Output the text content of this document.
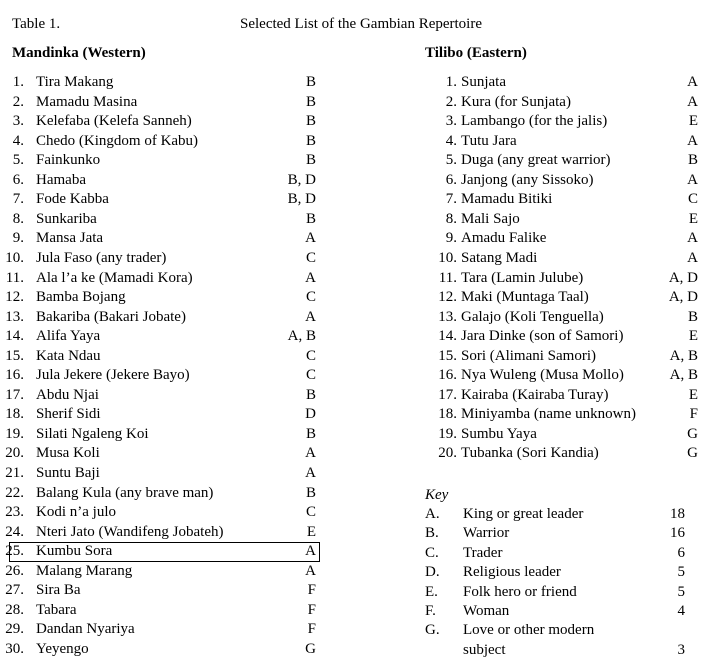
Table 1.	Selected List of the Gambian Repertoire
Mandinka (Western)	Tilibo (Eastern)
1. Tira Makang	B
2. Mamadu Masina	B
3. Kelefaba (Kelefa Sanneh)	B
4. Chedo (Kingdom of Kabu)	B
5. Fainkunko	B
6. Hamaba	B, D
7. Fode Kabba	B, D
8. Sunkariba	B
9. Mansa Jata	A
10. Jula Faso (any trader)	C
11. Ala l’a ke (Mamadi Kora)	A
12. Bamba Bojang	C
13. Bakariba (Bakari Jobate)	A
14. Alifa Yaya	A, B
15. Kata Ndau	C
16. Jula Jekere (Jekere Bayo)	C
17. Abdu Njai	B
18. Sherif Sidi	D
19. Silati Ngaleng Koi	B
20. Musa Koli	A
21. Suntu Baji	A
22. Balang Kula (any brave man)	B
23. Kodi n’a julo	C
24. Nteri Jato (Wandifeng Jobateh)	E
25. Kumbu Sora	A
26. Malang Marang	A
27. Sira Ba	F
28. Tabara	F
29. Dandan Nyariya	F
30. Yeyengo	G
1. Sunjata	A
2. Kura (for Sunjata)	A
3. Lambango (for the jalis)	E
4. Tutu Jara	A
5. Duga (any great warrior)	B
6. Janjong (any Sissoko)	A
7. Mamadu Bitiki	C
8. Mali Sajo	E
9. Amadu Falike	A
10. Satang Madi	A
11. Tara (Lamin Julube)	A, D
12. Maki (Muntaga Taal)	A, D
13. Galajo (Koli Tenguella)	B
14. Jara Dinke (son of Samori)	E
15. Sori (Alimani Samori)	A, B
16. Nya Wuleng (Musa Mollo)	A, B
17. Kairaba (Kairaba Turay)	E
18. Miniyamba (name unknown)	F
19. Sumbu Yaya	G
20. Tubanka (Sori Kandia)	G
Key
A. King or great leader	18
B. Warrior	16
C. Trader	6
D. Religious leader	5
E. Folk hero or friend	5
F. Woman	4
G. Love or other modern
subject	3
